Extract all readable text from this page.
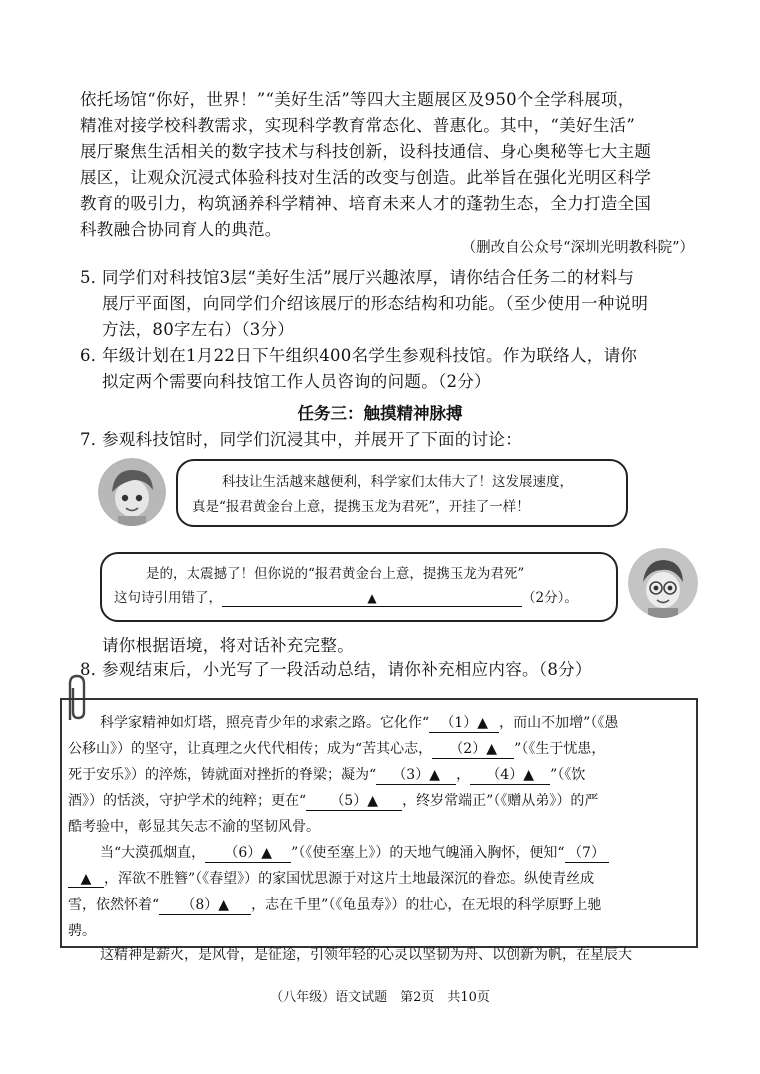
依托场馆“你好，世界！”“美好生活”等四大主题展区及950个全学科展项，
精准对接学校科教需求，实现科学教育常态化、普惠化。其中，“美好生活”
展厅聚焦生活相关的数字技术与科技创新，设科技通信、身心奥秘等七大主题
展区，让观众沉浸式体验科技对生活的改变与创造。此举旨在强化光明区科学
教育的吸引力，构筑涵养科学精神、培育未来人才的蓬勃生态，全力打造全国
科教融合协同育人的典范。
（删改自公众号“深圳光明教科院”）
5．同学们对科技馆3层“美好生活”展厅兴趣浓厚，请你结合任务二的材料与
展厅平面图，向同学们介绍该展厅的形态结构和功能。（至少使用一种说明
方法，80字左右）（3分）
6．年级计划在1月22日下午组织400名学生参观科技馆。作为联络人，请你
拟定两个需要向科技馆工作人员咨询的问题。（2分）
任务三：触摸精神脉搏
7．参观科技馆时，同学们沉浸其中，并展开了下面的讨论：
科技让生活越来越便利，科学家们太伟大了！这发展速度，
真是“报君黄金台上意，提携玉龙为君死”，开挂了一样！
是的，太震撼了！但你说的“报君黄金台上意，提携玉龙为君死”
这句诗引用错了，	▲	（2分）。
请你根据语境，将对话补充完整。
8．参观结束后，小光写了一段活动总结，请你补充相应内容。（8分）
科学家精神如灯塔，照亮青少年的求索之路。它化作“ （1）▲ ，而山不加增”（《愚
公移山》）的坚守，让真理之火代代相传；成为“苦其心志， （2）▲ ”（《生于忧患，
死于安乐》）的淬炼，铸就面对挫折的脊梁；凝为“ （3）▲ ， （4）▲ ”（《饮
酒》）的恬淡，守护学术的纯粹；更在“ （5）▲ ，终岁常端正”（《赠从弟》）的严
酷考验中，彰显其矢志不渝的坚韧风骨。
当“大漠孤烟直， （6）▲ ”（《使至塞上》）的天地气魄涌入胸怀，便知“ （7）
▲ ，浑欲不胜簪”（《春望》）的家国忧思源于对这片土地最深沉的眷恋。纵使青丝成
雪，依然怀着“ （8）▲ ，志在千里”（《龟虽寿》）的壮心，在无垠的科学原野上驰
骋。
这精神是薪火，是风骨，是征途，引领年轻的心灵以坚韧为舟、以创新为帆，在星辰大
（八年级）语文试题　第2页　共10页
